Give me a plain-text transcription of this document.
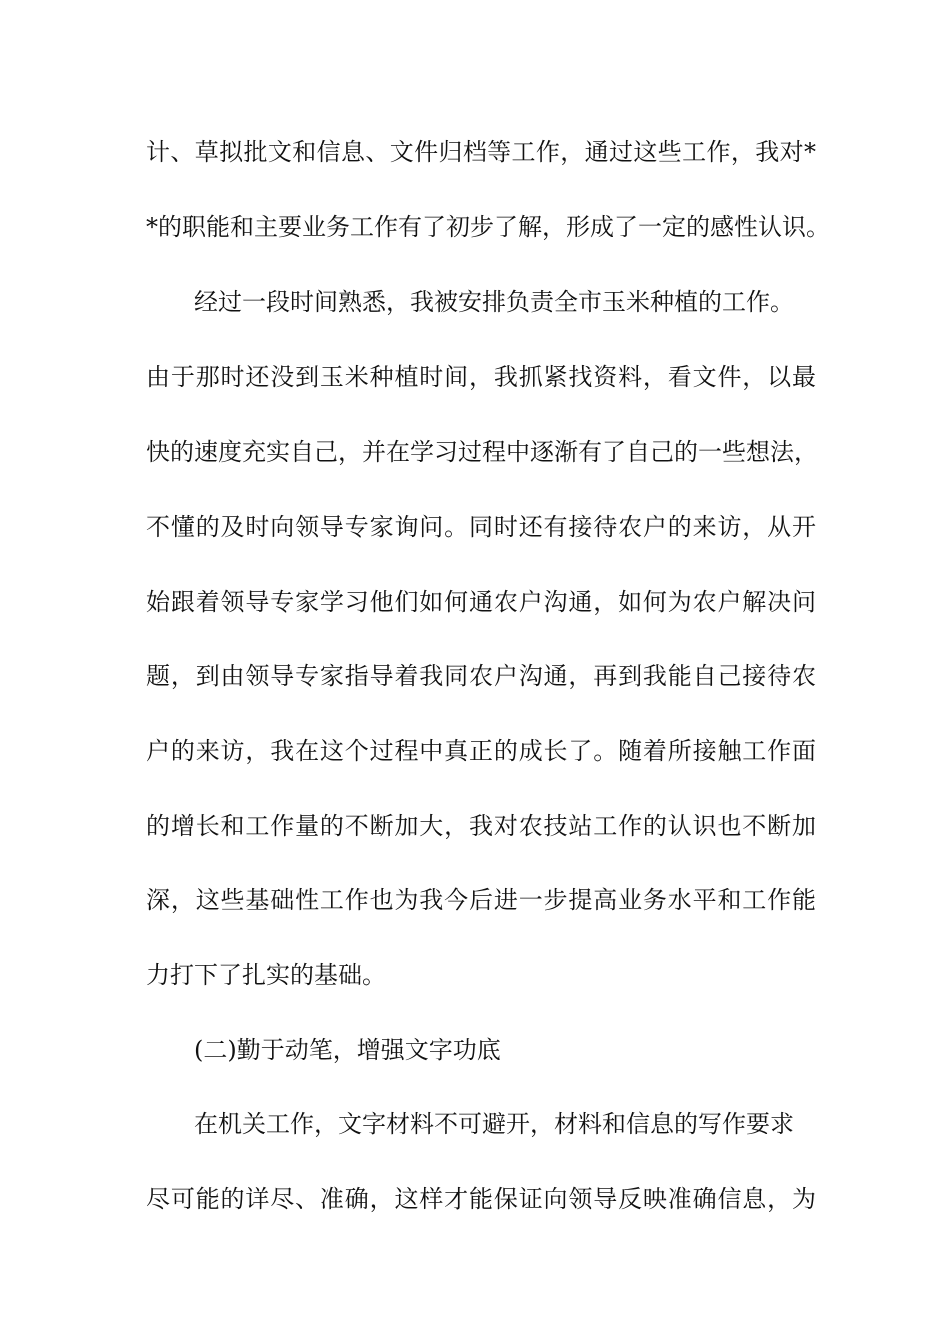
计、草拟批文和信息、文件归档等工作，通过这些工作，我对*
*的职能和主要业务工作有了初步了解，形成了一定的感性认识。
经过一段时间熟悉，我被安排负责全市玉米种植的工作。
由于那时还没到玉米种植时间，我抓紧找资料，看文件，以最
快的速度充实自己，并在学习过程中逐渐有了自己的一些想法，
不懂的及时向领导专家询问。同时还有接待农户的来访，从开
始跟着领导专家学习他们如何通农户沟通，如何为农户解决问
题，到由领导专家指导着我同农户沟通，再到我能自己接待农
户的来访，我在这个过程中真正的成长了。随着所接触工作面
的增长和工作量的不断加大，我对农技站工作的认识也不断加
深，这些基础性工作也为我今后进一步提高业务水平和工作能
力打下了扎实的基础。
(二)勤于动笔，增强文字功底
在机关工作，文字材料不可避开，材料和信息的写作要求
尽可能的详尽、准确，这样才能保证向领导反映准确信息，为
